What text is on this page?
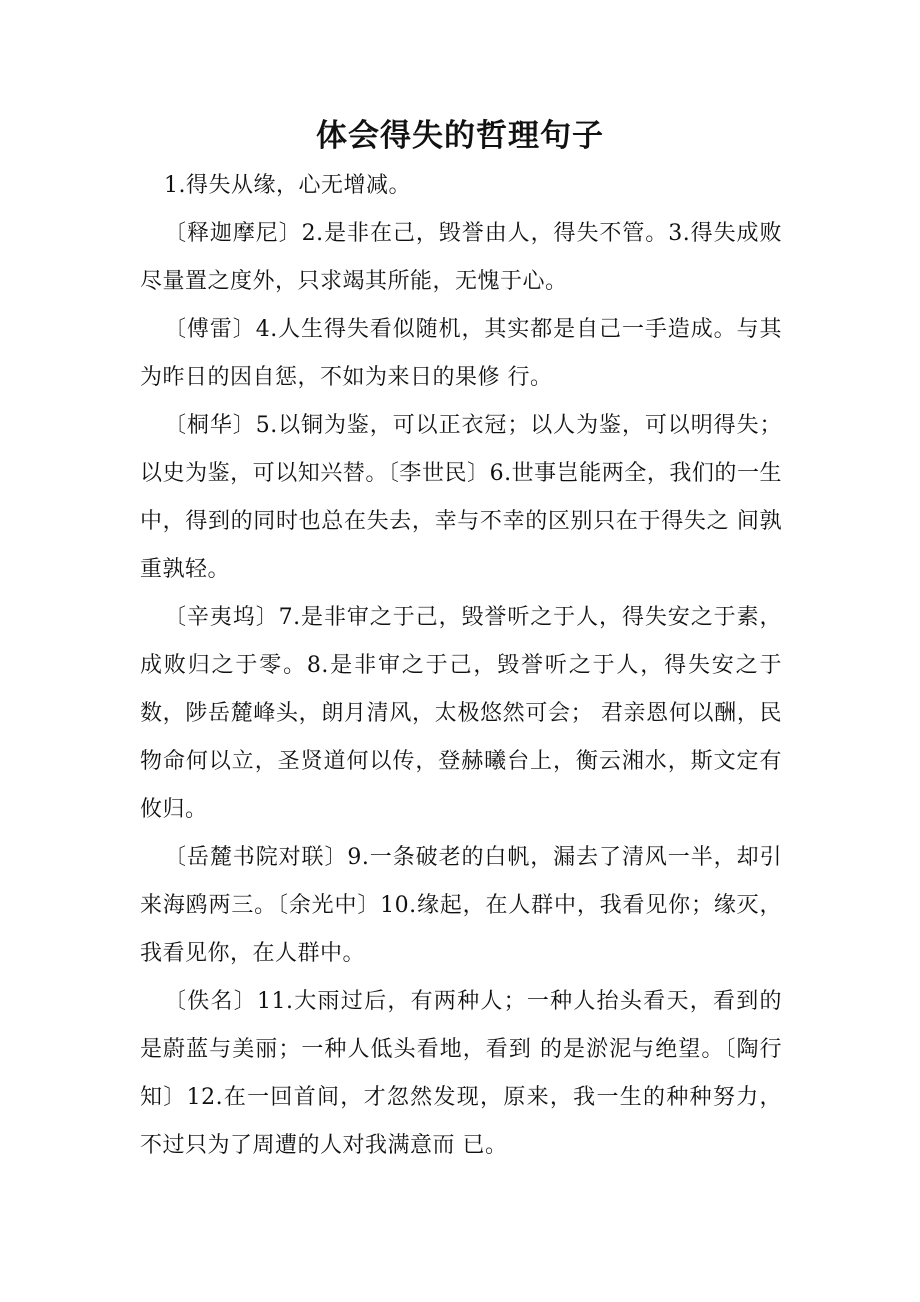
体会得失的哲理句子

1.得失从缘，心无增减。

〔释迦摩尼〕2.是非在己，毁誉由人，得失不管。3.得失成败尽量置之度外，只求竭其所能，无愧于心。

〔傅雷〕4.人生得失看似随机，其实都是自己一手造成。与其为昨日的因自惩，不如为来日的果修 行。

〔桐华〕5.以铜为鉴，可以正衣冠；以人为鉴，可以明得失；以史为鉴，可以知兴替。〔李世民〕6.世事岂能两全，我们的一生中，得到的同时也总在失去，幸与不幸的区别只在于得失之 间孰重孰轻。

〔辛夷坞〕7.是非审之于己，毁誉听之于人，得失安之于素，成败归之于零。8.是非审之于己，毁誉听之于人，得失安之于数，陟岳麓峰头，朗月清风，太极悠然可会； 君亲恩何以酬，民物命何以立，圣贤道何以传，登赫曦台上，衡云湘水，斯文定有攸归。

〔岳麓书院对联〕9.一条破老的白帆，漏去了清风一半，却引来海鸥两三。〔余光中〕10.缘起，在人群中，我看见你；缘灭，我看见你，在人群中。

〔佚名〕11.大雨过后，有两种人；一种人抬头看天，看到的是蔚蓝与美丽；一种人低头看地，看到 的是淤泥与绝望。〔陶行知〕12.在一回首间，才忽然发现，原来，我一生的种种努力，不过只为了周遭的人对我满意而 已。
